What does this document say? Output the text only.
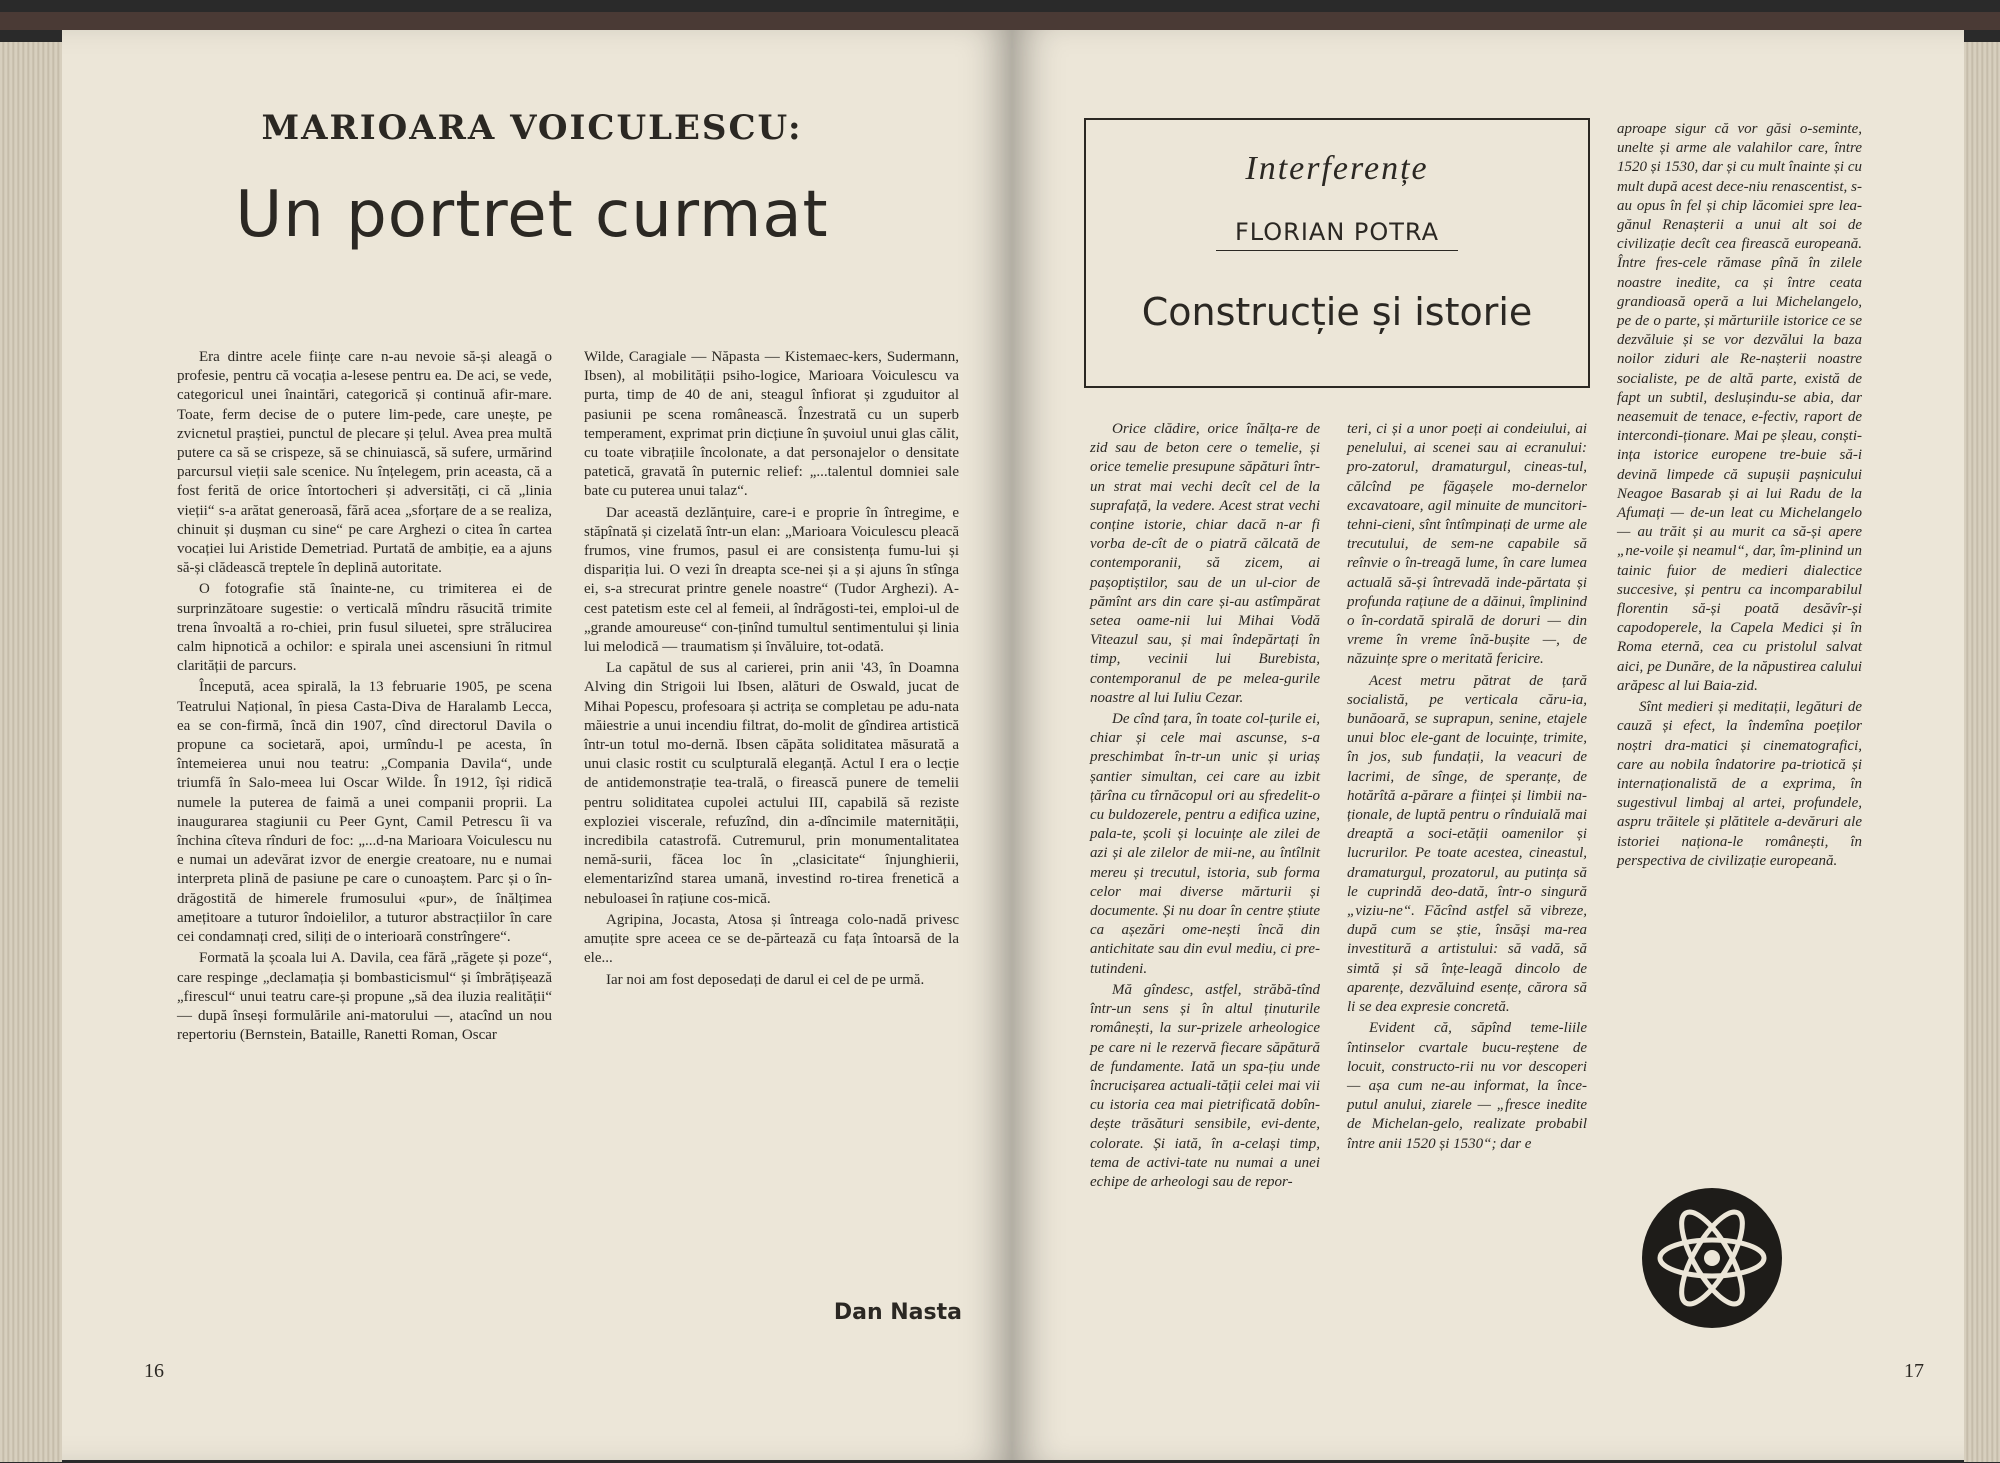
MARIOARA VOICULESCU:
Un portret curmat

Era dintre acele ființe care n-au nevoie să-și aleagă o profesie, pentru că vocația a-lesese pentru ea. De aci, se vede, categoricul unei înaintări, categorică și continuă afir-mare. Toate, ferm decise de o putere lim-pede, care unește, pe zvicnetul praștiei, punctul de plecare și țelul. Avea prea multă putere ca să se crispeze, să se chinuiască, să sufere, urmărind parcursul vieții sale scenice. Nu înțelegem, prin aceasta, că a fost ferită de orice întortocheri și adversități, ci că „linia vieții“ s-a arătat generoasă, fără acea „sforțare de a se realiza, chinuit și dușman cu sine“ pe care Arghezi o citea în cartea vocației lui Aristide Demetriad. Purtată de ambiție, ea a ajuns să-și clădească treptele în deplină autoritate.

O fotografie stă înainte-ne, cu trimiterea ei de surprinzătoare sugestie: o verticală mîndru răsucită trimite trena învoaltă a ro-chiei, prin fusul siluetei, spre strălucirea calm hipnotică a ochilor: e spirala unei ascensiuni în ritmul clarității de parcurs.

Începută, acea spirală, la 13 februarie 1905, pe scena Teatrului Național, în piesa Casta-Diva de Haralamb Lecca, ea se con-firmă, încă din 1907, cînd directorul Davila o propune ca societară, apoi, urmîndu-l pe acesta, în întemeierea unui nou teatru: „Compania Davila“, unde triumfă în Salo-meea lui Oscar Wilde. În 1912, își ridică numele la puterea de faimă a unei companii proprii. La inaugurarea stagiunii cu Peer Gynt, Camil Petrescu îi va închina cîteva rînduri de foc: „...d-na Marioara Voiculescu nu e numai un adevărat izvor de energie creatoare, nu e numai interpreta plină de pasiune pe care o cunoaștem. Parc și o în-drăgostită de himerele frumosului «pur», de înălțimea amețitoare a tuturor îndoielilor, a tuturor abstracțiilor în care cei condamnați cred, siliți de o interioară constrîngere“.

Formată la școala lui A. Davila, cea fără „răgete și poze“, care respinge „declamația și bombasticismul“ și îmbrățișează „firescul“ unui teatru care-și propune „să dea iluzia realității“ — după înseși formulările ani-matorului —, atacînd un nou repertoriu (Bernstein, Bataille, Ranetti Roman, Oscar

Wilde, Caragiale — Năpasta — Kistemaec-kers, Sudermann, Ibsen), al mobilității psiho-logice, Marioara Voiculescu va purta, timp de 40 de ani, steagul înfiorat și zguduitor al pasiunii pe scena românească. Înzestrată cu un superb temperament, exprimat prin dicțiune în șuvoiul unui glas călit, cu toate vibrațiile încolonate, a dat personajelor o densitate patetică, gravată în puternic relief: „...talentul domniei sale bate cu puterea unui talaz“.

Dar această dezlănțuire, care-i e proprie în întregime, e stăpînată și cizelată într-un elan: „Marioara Voiculescu pleacă frumos, vine frumos, pasul ei are consistența fumu-lui și dispariția lui. O vezi în dreapta sce-nei și a și ajuns în stînga ei, s-a strecurat printre genele noastre“ (Tudor Arghezi). A-cest patetism este cel al femeii, al îndrăgosti-tei, emploi-ul de „grande amoureuse“ con-ținînd tumultul sentimentului și linia lui melodică — traumatism și învăluire, tot-odată.

La capătul de sus al carierei, prin anii '43, în Doamna Alving din Strigoii lui Ibsen, alături de Oswald, jucat de Mihai Popescu, profesoara și actrița se completau pe adu-nata măiestrie a unui incendiu filtrat, do-molit de gîndirea artistică într-un totul mo-dernă. Ibsen căpăta soliditatea măsurată a unui clasic rostit cu sculpturală eleganță. Actul I era o lecție de antidemonstrație tea-trală, o firească punere de temelii pentru soliditatea cupolei actului III, capabilă să reziste exploziei viscerale, refuzînd, din a-dîncimile maternității, incredibila catastrofă. Cutremurul, prin monumentalitatea nemă-surii, făcea loc în „clasicitate“ înjunghierii, elementarizînd starea umană, investind ro-tirea frenetică a nebuloasei în rațiune cos-mică.

Agripina, Jocasta, Atosa și întreaga colo-nadă privesc amuțite spre aceea ce se de-părtează cu fața întoarsă de la ele...

Iar noi am fost deposedați de darul ei cel de pe urmă.

Dan Nasta
16
Interferențe
FLORIAN POTRA
Construcție și istorie

Orice clădire, orice înălța-re de zid sau de beton cere o temelie, și orice temelie presupune săpături într-un strat mai vechi decît cel de la suprafață, la vedere. Acest strat vechi conține istorie, chiar dacă n-ar fi vorba de-cît de o piatră călcată de contemporanii, să zicem, ai pașoptiștilor, sau de un ul-cior de pămînt ars din care și-au astîmpărat setea oame-nii lui Mihai Vodă Viteazul sau, și mai îndepărtați în timp, vecinii lui Burebista, contemporanul de pe melea-gurile noastre al lui Iuliu Cezar.

De cînd țara, în toate col-țurile ei, chiar și cele mai ascunse, s-a preschimbat în-tr-un unic și uriaș șantier simultan, cei care au izbit țărîna cu tîrnăcopul ori au sfredelit-o cu buldozerele, pentru a edifica uzine, pala-te, școli și locuințe ale zilei de azi și ale zilelor de mii-ne, au întîlnit mereu și trecutul, istoria, sub forma celor mai diverse mărturii și documente. Și nu doar în centre știute ca așezări ome-nești încă din antichitate sau din evul mediu, ci pre-tutindeni.

Mă gîndesc, astfel, străbă-tînd într-un sens și în altul ținuturile românești, la sur-prizele arheologice pe care ni le rezervă fiecare săpătură de fundamente. Iată un spa-țiu unde încrucișarea actuali-tății celei mai vii cu istoria cea mai pietrificată dobîn-dește trăsături sensibile, evi-dente, colorate. Și iată, în a-celași timp, tema de activi-tate nu numai a unei echipe de arheologi sau de repor-

teri, ci și a unor poeți ai condeiului, ai penelului, ai scenei sau ai ecranului: pro-zatorul, dramaturgul, cineas-tul, călcînd pe făgașele mo-dernelor excavatoare, agil minuite de muncitori-tehni-cieni, sînt întîmpinați de urme ale trecutului, de sem-ne capabile să reînvie o în-treagă lume, în care lumea actuală să-și întrevadă inde-părtata și profunda rațiune de a dăinui, împlinind o în-cordată spirală de doruri — din vreme în vreme înă-bușite —, de năzuințe spre o meritată fericire.

Acest metru pătrat de țară socialistă, pe verticala căru-ia, bunăoară, se suprapun, senine, etajele unui bloc ele-gant de locuințe, trimite, în jos, sub fundații, la veacuri de lacrimi, de sînge, de speranțe, de hotărîtă a-părare a ființei și limbii na-ționale, de luptă pentru o rînduială mai dreaptă a soci-etății oamenilor și lucrurilor. Pe toate acestea, cineastul, dramaturgul, prozatorul, au putința să le cuprindă deo-dată, într-o singură „viziu-ne“. Făcînd astfel să vibreze, după cum se știe, însăși ma-rea investitură a artistului: să vadă, să simtă și să înțe-leagă dincolo de aparențe, dezvăluind esențe, cărora să li se dea expresie concretă.

Evident că, săpînd teme-liile întinselor cvartale bucu-reștene de locuit, constructo-rii nu vor descoperi — așa cum ne-au informat, la înce-putul anului, ziarele — „fresce inedite de Michelan-gelo, realizate probabil între anii 1520 și 1530“; dar e

aproape sigur că vor găsi o-seminte, unelte și arme ale valahilor care, între 1520 și 1530, dar și cu mult înainte și cu mult după acest dece-niu renascentist, s-au opus în fel și chip lăcomiei spre lea-gănul Renașterii a unui alt soi de civilizație decît cea firească europeană. Între fres-cele rămase pînă în zilele noastre inedite, ca și între ceata grandioasă operă a lui Michelangelo, pe de o parte, și mărturiile istorice ce se dezvăluie și se vor dezvălui la baza noilor ziduri ale Re-nașterii noastre socialiste, pe de altă parte, există de fapt un subtil, deslușindu-se abia, dar neasemuit de tenace, e-fectiv, raport de intercondi-ționare. Mai pe șleau, conști-ința istorice europene tre-buie să-i devină limpede că supușii pașnicului Neagoe Basarab și ai lui Radu de la Afumați — de-un leat cu Michelangelo — au trăit și au murit ca să-și apere „ne-voile și neamul“, dar, îm-plinind un tainic fuior de medieri dialectice succesive, și pentru ca incomparabilul florentin să-și poată desăvîr-și capodoperele, la Capela Medici și în Roma eternă, cea cu pristolul salvat aici, pe Dunăre, de la năpustirea calului arăpesc al lui Baia-zid.

Sînt medieri și meditații, legături de cauză și efect, la îndemîna poeților noștri dra-matici și cinematografici, care au nobila îndatorire pa-triotică și internaționalistă de a exprima, în sugestivul limbaj al artei, profundele, aspru trăitele și plătitele a-devăruri ale istoriei naționa-le românești, în perspectiva de civilizație europeană.

17
